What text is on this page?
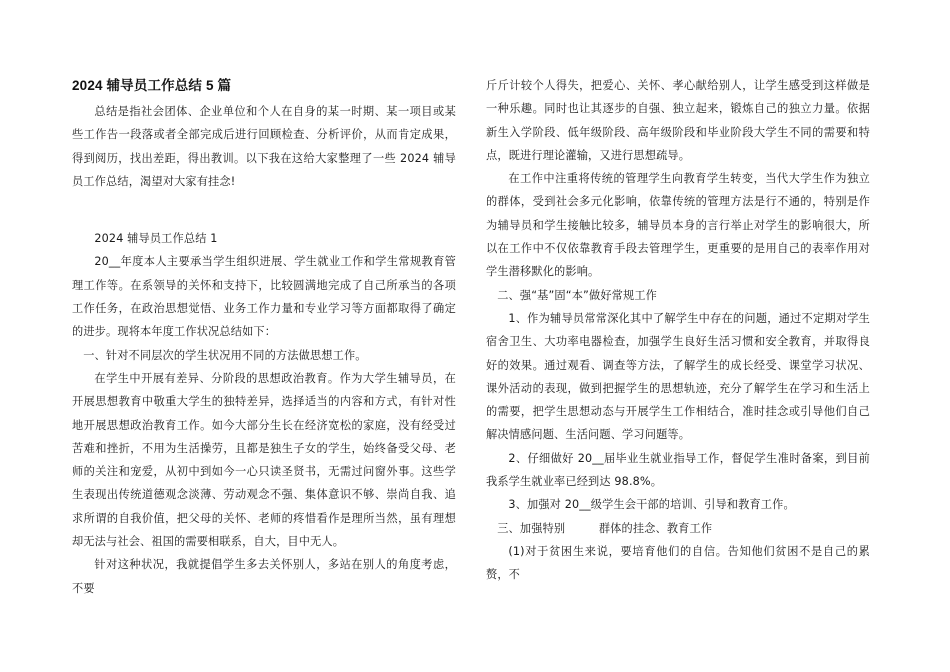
2024 辅导员工作总结 5 篇

总结是指社会团体、企业单位和个人在自身的某一时期、某一项目或某些工作告一段落或者全部完成后进行回顾检查、分析评价，从而肯定成果，得到阅历，找出差距，得出教训。以下我在这给大家整理了一些 2024 辅导员工作总结，渴望对大家有挂念!

2024 辅导员工作总结 1

20__年度本人主要承当学生组织进展、学生就业工作和学生常规教育管理工作等。在系领导的关怀和支持下，比较圆满地完成了自己所承当的各项工作任务，在政治思想觉悟、业务工作力量和专业学习等方面都取得了确定的进步。现将本年度工作状况总结如下：

一、针对不同层次的学生状况用不同的方法做思想工作。

在学生中开展有差异、分阶段的思想政治教育。作为大学生辅导员，在开展思想教育中敬重大学生的独特差异，选择适当的内容和方式，有针对性地开展思想政治教育工作。如今大部分生长在经济宽松的家庭，没有经受过苦难和挫折，不用为生活操劳，且都是独生子女的学生，始终备受父母、老师的关注和宠爱，从初中到如今一心只读圣贤书，无需过问窗外事。这些学生表现出传统道德观念淡薄、劳动观念不强、集体意识不够、崇尚自我、追求所谓的自我价值，把父母的关怀、老师的疼惜看作是理所当然，虽有理想却无法与社会、祖国的需要相联系，自大，目中无人。

针对这种状况，我就提倡学生多去关怀别人，多站在别人的角度考虑，不要

斤斤计较个人得失，把爱心、关怀、孝心献给别人，让学生感受到这样做是一种乐趣。同时也让其逐步的自强、独立起来，锻炼自己的独立力量。依据新生入学阶段、低年级阶段、高年级阶段和毕业阶段大学生不同的需要和特点，既进行理论灌输，又进行思想疏导。

在工作中注重将传统的管理学生向教育学生转变，当代大学生作为独立的群体，受到社会多元化影响，依靠传统的管理方法是行不通的，特别是作为辅导员和学生接触比较多，辅导员本身的言行举止对学生的影响很大，所以在工作中不仅依靠教育手段去管理学生，更重要的是用自己的表率作用对学生潜移默化的影响。

二、强“基”固“本”做好常规工作

1、作为辅导员常常深化其中了解学生中存在的问题，通过不定期对学生宿舍卫生、大功率电器检查，加强学生良好生活习惯和安全教育，并取得良好的效果。通过观看、调查等方法，了解学生的成长经受、课堂学习状况、课外活动的表现，做到把握学生的思想轨迹，充分了解学生在学习和生活上的需要，把学生思想动态与开展学生工作相结合，准时挂念或引导他们自己解决情感问题、生活问题、学习问题等。

2、仔细做好 20__届毕业生就业指导工作，督促学生准时备案，到目前我系学生就业率已经到达 98.8%。

3、加强对 20__级学生会干部的培训、引导和教育工作。

三、加强特别	群体的挂念、教育工作

(1)对于贫困生来说，要培育他们的自信。告知他们贫困不是自己的累赘，不
